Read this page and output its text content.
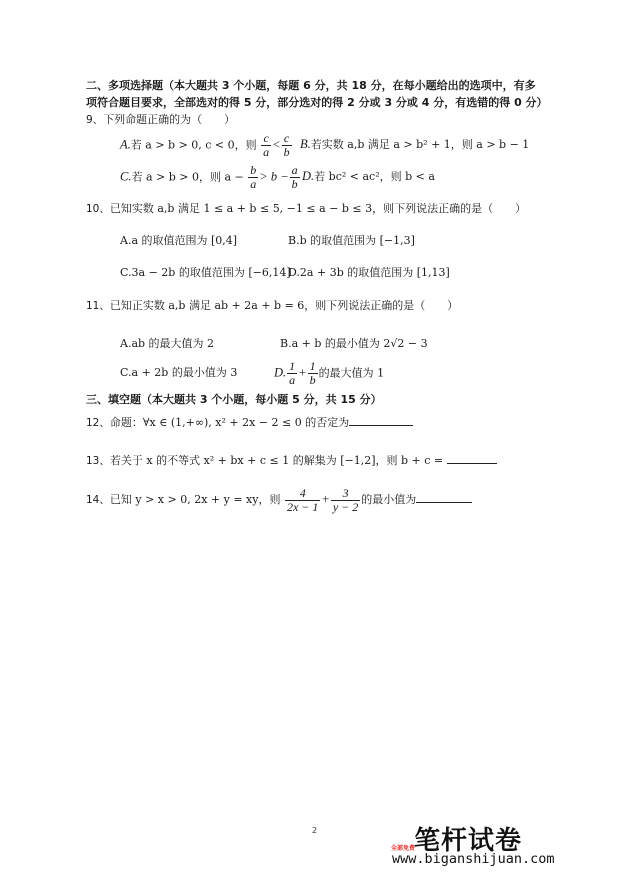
二、多项选择题（本大题共 3 个小题，每题 6 分，共 18 分，在每小题给出的选项中，有多
项符合题目要求，全部选对的得 5 分，部分选对的得 2 分或 3 分或 4 分，有选错的得 0 分）
9、下列命题正确的为（　　）
A.若 a > b > 0, c < 0，则 $\frac{c}{a} < \frac{c}{b} B$.若实数 a,b 满足 a > b² + 1，则 a > b − 1
C.若 a > b > 0，则 $a - \frac{b}{a} > b - \frac{a}{b} D$.若 bc² < ac²，则 b < a
10、已知实数 a,b 满足 1 ≤ a + b ≤ 5, −1 ≤ a − b ≤ 3，则下列说法正确的是（　　）
A.a 的取值范围为 [0,4]	B.b 的取值范围为 [−1,3]
C.3a − 2b 的取值范围为 [−6,14]
D.2a + 3b 的取值范围为 [1,13]
11、已知正实数 a,b 满足 ab + 2a + b = 6，则下列说法正确的是（　　）
A.ab 的最大值为 2	B.a + b 的最小值为 2√2 − 3
C.a + 2b 的最小值为 3	D. $\frac{1}{a} + \frac{1}{b}$ 的最大值为 1
三、填空题（本大题共 3 个小题，每小题 5 分，共 15 分）
12、命题：∀x ∈ (1,+∞), x² + 2x − 2 ≤ 0 的否定为
13、若关于 x 的不等式 x² + bx + c ≤ 1 的解集为 [−1,2]，则 b + c =
14、已知 y > x > 0, 2x + y = xy，则 $\frac{4}{2x - 1} + \frac{3}{y - 2}$ 的最小值为
2	笔杆试卷
全部免费
www.biganshijuan.com
